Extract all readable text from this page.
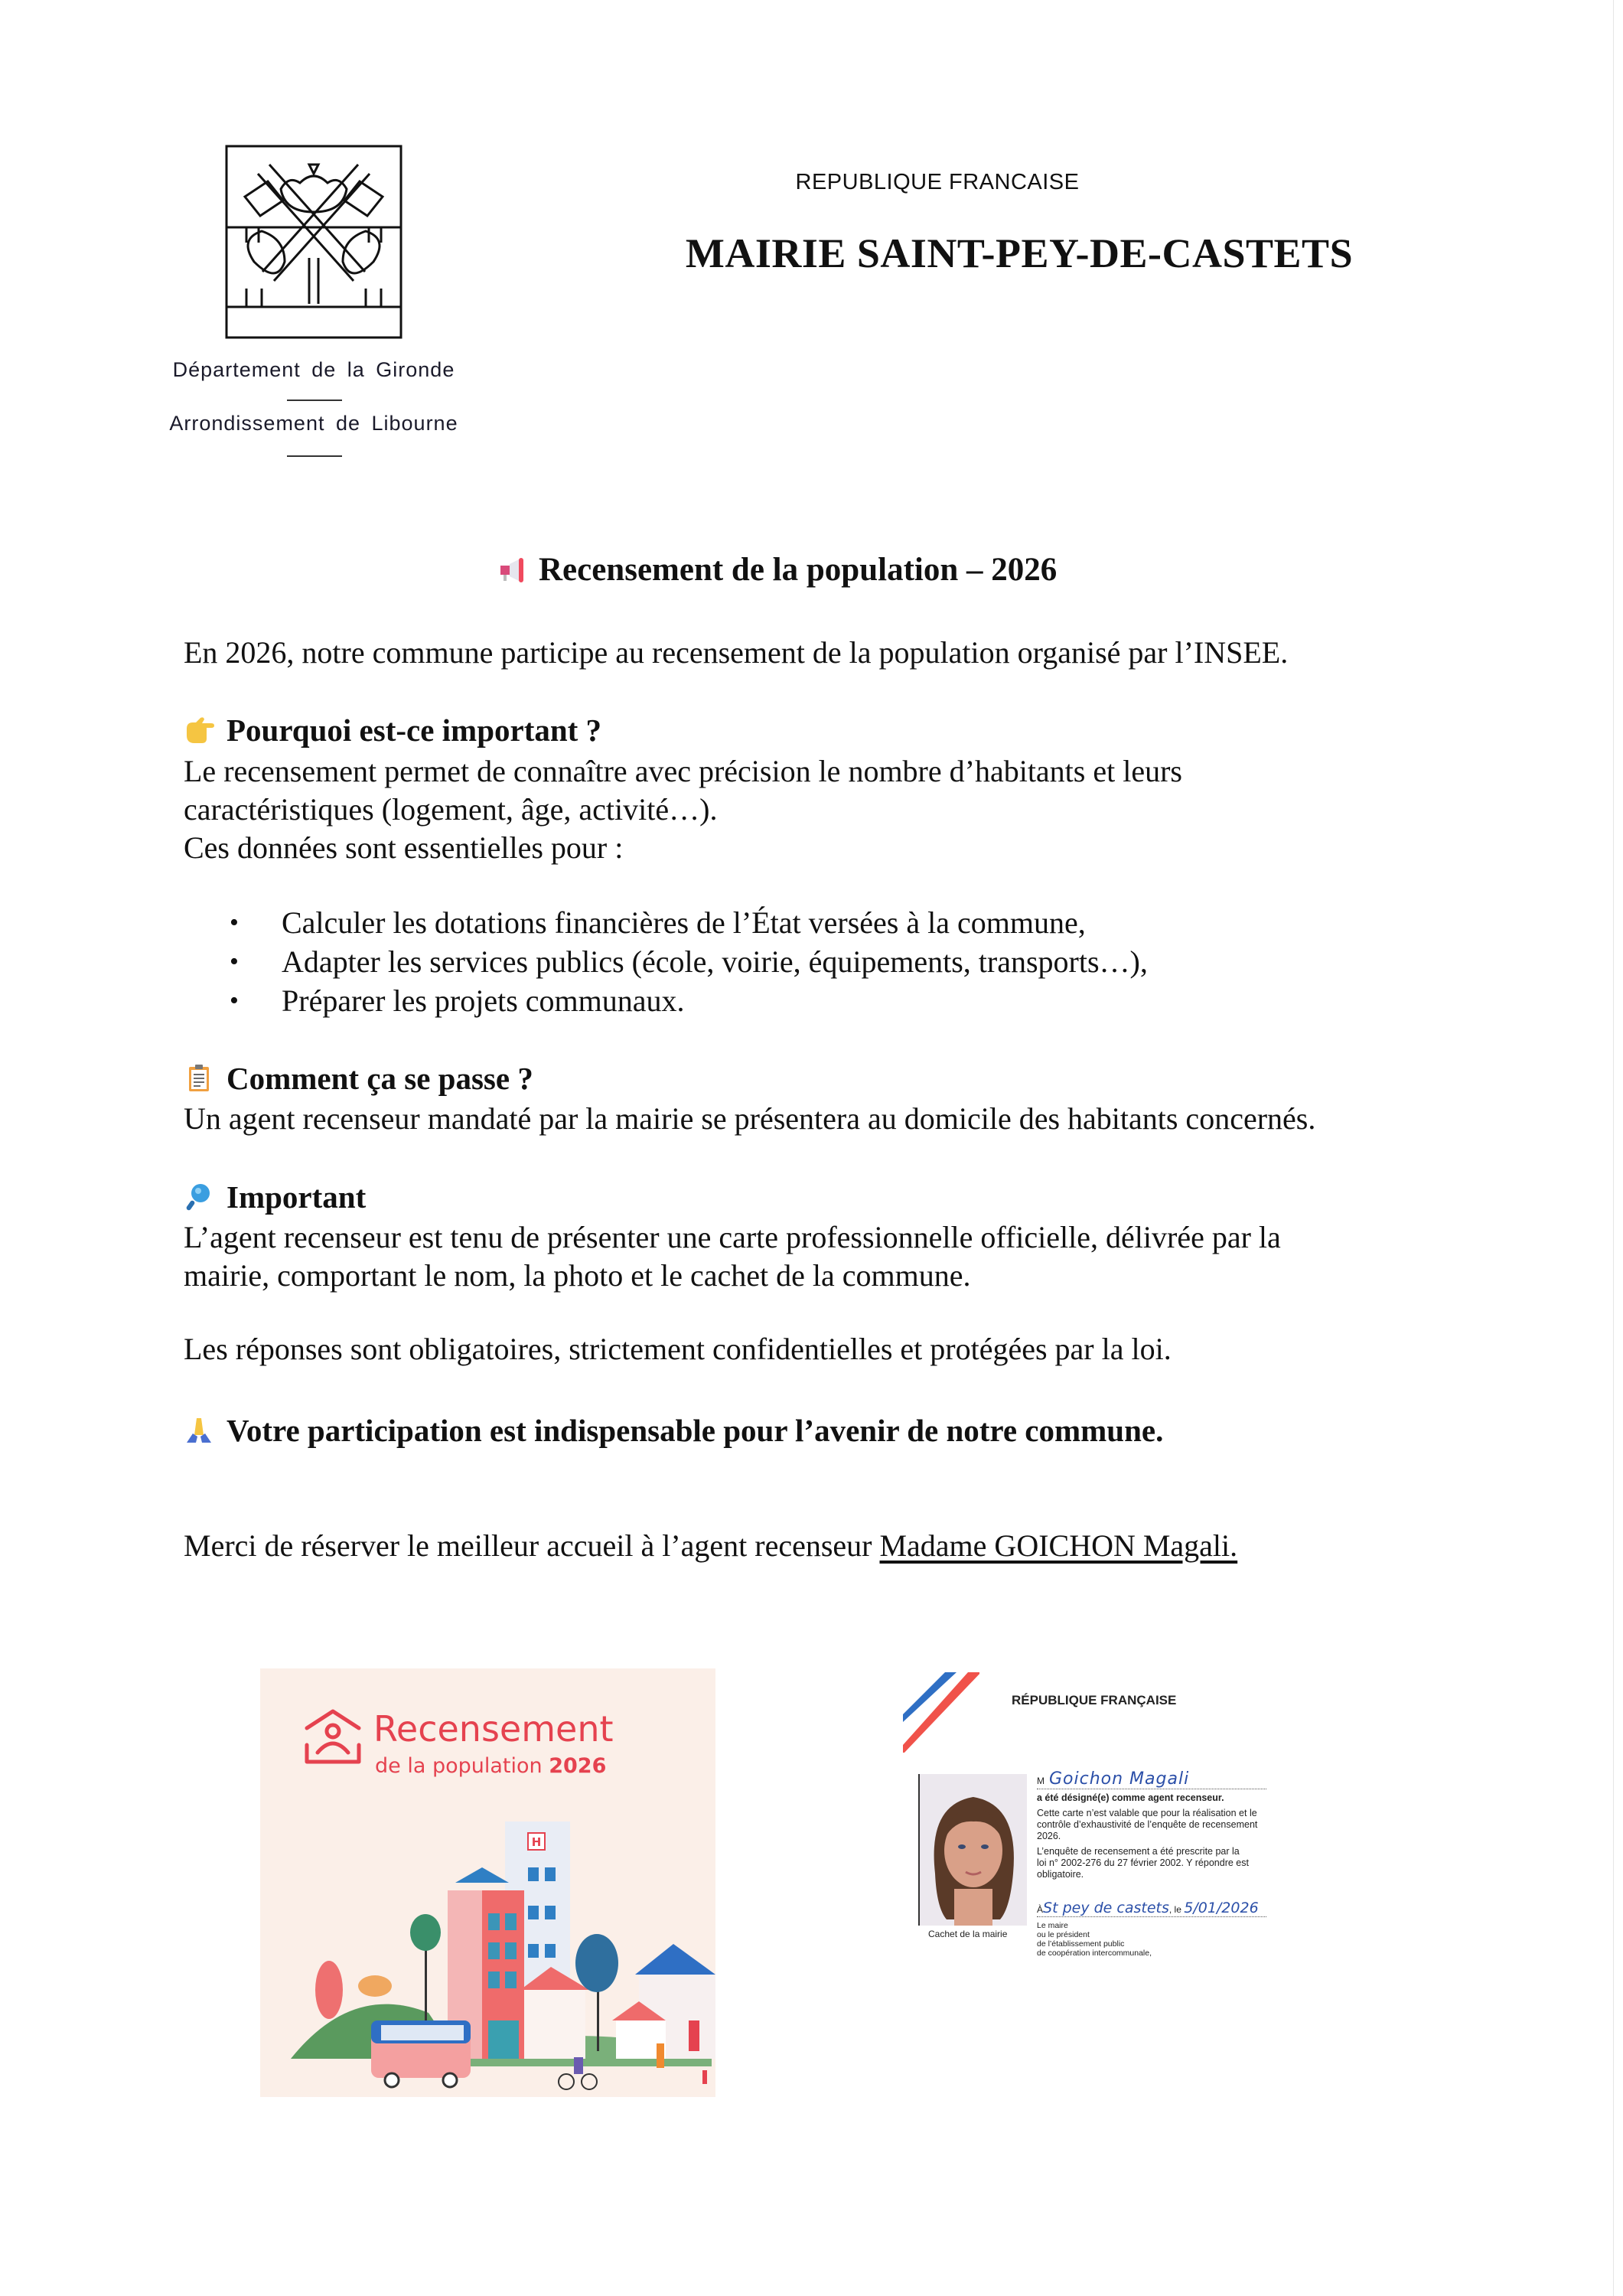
Département de la Gironde
Arrondissement de Libourne
REPUBLIQUE FRANCAISE
MAIRIE SAINT-PEY-DE-CASTETS
Recensement de la population – 2026
En 2026, notre commune participe au recensement de la population organisé par l’INSEE.
Pourquoi est-ce important ?
Le recensement permet de connaître avec précision le nombre d’habitants et leurs
caractéristiques (logement, âge, activité…).
Ces données sont essentielles pour :
•	Calculer les dotations financières de l’État versées à la commune,
•	Adapter les services publics (école, voirie, équipements, transports…),
•	Préparer les projets communaux.
Comment ça se passe ?
Un agent recenseur mandaté par la mairie se présentera au domicile des habitants concernés.
Important
L’agent recenseur est tenu de présenter une carte professionnelle officielle, délivrée par la
mairie, comportant le nom, la photo et le cachet de la commune.
Les réponses sont obligatoires, strictement confidentielles et protégées par la loi.
Votre participation est indispensable pour l’avenir de notre commune.
Merci de réserver le meilleur accueil à l’agent recenseur Madame GOICHON Magali.
Recensement
de la population 2026
H
RÉPUBLIQUE FRANÇAISE
Cachet de la mairie
M Goichon Magali
a été désigné(e) comme agent recenseur.
Cette carte n’est valable que pour la réalisation et le
contrôle d’exhaustivité de l’enquête de recensement
2026.
L’enquête de recensement a été prescrite par la
loi n° 2002-276 du 27 février 2002. Y répondre est
obligatoire.
ÀSt pey de castets, le 5/01/2026
Le maire
ou le président
de l’établissement public
de coopération intercommunale,
